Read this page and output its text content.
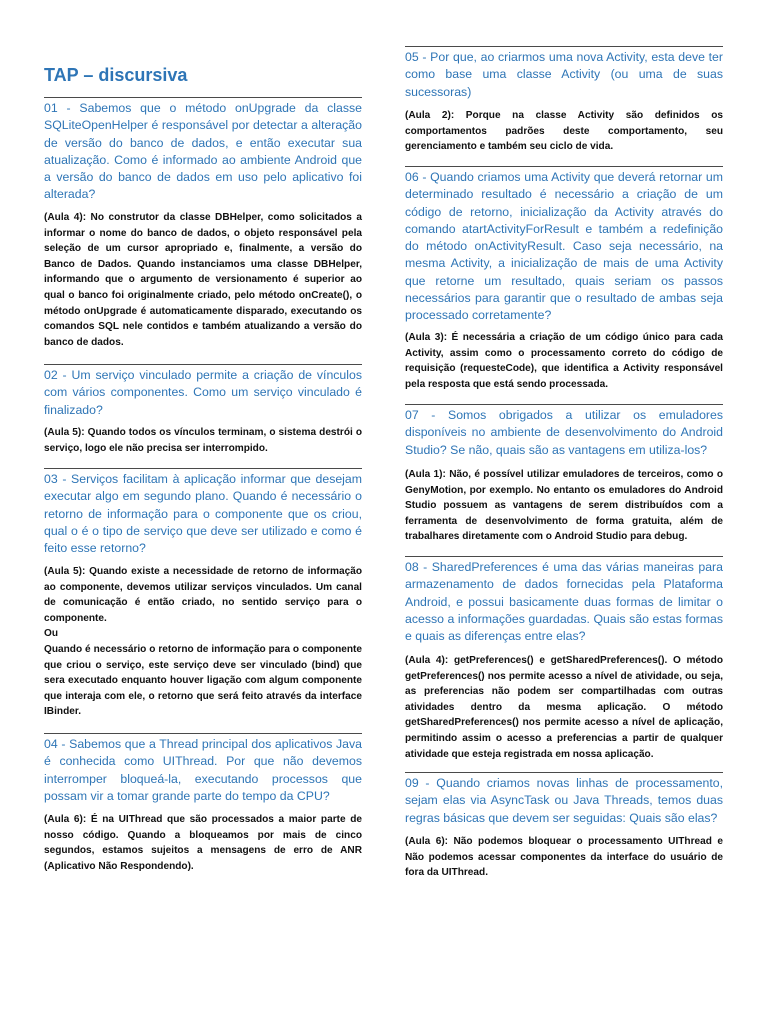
TAP – discursiva
01 - Sabemos que o método onUpgrade da classe SQLiteOpenHelper é responsável por detectar a alteração de versão do banco de dados, e então executar sua atualização. Como é informado ao ambiente Android que a versão do banco de dados em uso pelo aplicativo foi alterada?
(Aula 4): No construtor da classe DBHelper, como solicitados a informar o nome do banco de dados, o objeto responsável pela seleção de um cursor apropriado e, finalmente, a versão do Banco de Dados. Quando instanciamos uma classe DBHelper, informando que o argumento de versionamento é superior ao qual o banco foi originalmente criado, pelo método onCreate(), o método onUpgrade é automaticamente disparado, executando os comandos SQL nele contidos e também atualizando a versão do banco de dados.
02 - Um serviço vinculado permite a criação de vínculos com vários componentes. Como um serviço vinculado é finalizado?
(Aula 5): Quando todos os vínculos terminam, o sistema destrói o serviço, logo ele não precisa ser interrompido.
03 - Serviços facilitam à aplicação informar que desejam executar algo em segundo plano. Quando é necessário o retorno de informação para o componente que os criou, qual o é o tipo de serviço que deve ser utilizado e como é feito esse retorno?
(Aula 5): Quando existe a necessidade de retorno de informação ao componente, devemos utilizar serviços vinculados. Um canal de comunicação é então criado, no sentido serviço para o componente.
Ou
Quando é necessário o retorno de informação para o componente que criou o serviço, este serviço deve ser vinculado (bind) que sera executado enquanto houver ligação com algum componente que interaja com ele, o retorno que será feito através da interface IBinder.
04 - Sabemos que a Thread principal dos aplicativos Java é conhecida como UIThread. Por que não devemos interromper bloqueá-la, executando processos que possam vir a tomar grande parte do tempo da CPU?
(Aula 6): É na UIThread que são processados a maior parte de nosso código. Quando a bloqueamos por mais de cinco segundos, estamos sujeitos a mensagens de erro de ANR (Aplicativo Não Respondendo).
05 - Por que, ao criarmos uma nova Activity, esta deve ter como base uma classe Activity (ou uma de suas sucessoras)
(Aula 2): Porque na classe Activity são definidos os comportamentos padrões deste comportamento, seu gerenciamento e também seu ciclo de vida.
06 - Quando criamos uma Activity que deverá retornar um determinado resultado é necessário a criação de um código de retorno, inicialização da Activity através do comando atartActivityForResult e também a redefinição do método onActivityResult. Caso seja necessário, na mesma Activity, a inicialização de mais de uma Activity que retorne um resultado, quais seriam os passos necessários para garantir que o resultado de ambas seja processado corretamente?
(Aula 3): É necessária a criação de um código único para cada Activity, assim como o processamento correto do código de requisição (requesteCode), que identifica a Activity responsável pela resposta que está sendo processada.
07 - Somos obrigados a utilizar os emuladores disponíveis no ambiente de desenvolvimento do Android Studio? Se não, quais são as vantagens em utiliza-los?
(Aula 1): Não, é possível utilizar emuladores de terceiros, como o GenyMotion, por exemplo. No entanto os emuladores do Android Studio possuem as vantagens de serem distribuídos com a ferramenta de desenvolvimento de forma gratuita, além de trabalhares diretamente com o Android Studio para debug.
08 - SharedPreferences é uma das várias maneiras para armazenamento de dados fornecidas pela Plataforma Android, e possui basicamente duas formas de limitar o acesso a informações guardadas. Quais são estas formas e quais as diferenças entre elas?
(Aula 4): getPreferences() e getSharedPreferences(). O método getPreferences() nos permite acesso a nível de atividade, ou seja, as preferencias não podem ser compartilhadas com outras atividades dentro da mesma aplicação. O método getSharedPreferences() nos permite acesso a nível de aplicação, permitindo assim o acesso a preferencias a partir de qualquer atividade que esteja registrada em nossa aplicação.
09 - Quando criamos novas linhas de processamento, sejam elas via AsyncTask ou Java Threads, temos duas regras básicas que devem ser seguidas: Quais são elas?
(Aula 6): Não podemos bloquear o processamento UIThread e Não podemos acessar componentes da interface do usuário de fora da UIThread.
